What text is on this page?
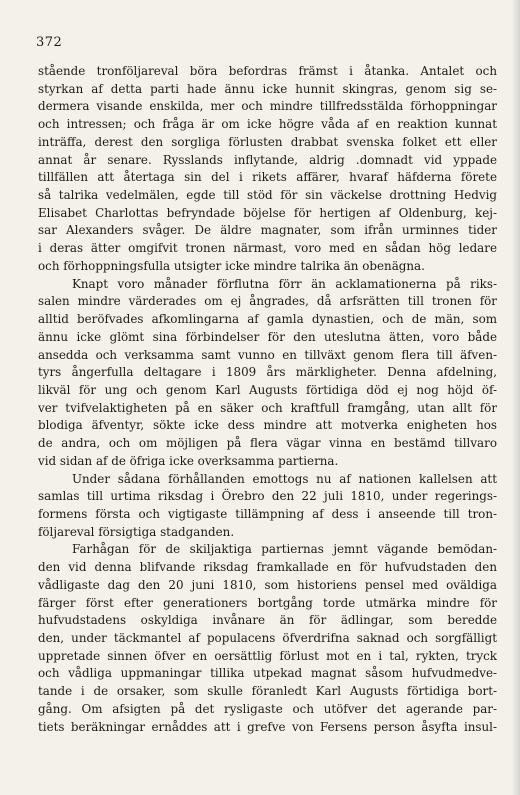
372
stående tronföljareval böra befordras främst i åtanka. Antalet och
styrkan af detta parti hade ännu icke hunnit skingras, genom sig se-
dermera visande enskilda, mer och mindre tillfredsstälda förhoppningar
och intressen; och fråga är om icke högre våda af en reaktion kunnat
inträffa, derest den sorgliga förlusten drabbat svenska folket ett eller
annat år senare. Rysslands inflytande, aldrig .domnadt vid yppade
tillfällen att återtaga sin del i rikets affärer, hvaraf häfderna förete
så talrika vedelmälen, egde till stöd för sin väckelse drottning Hedvig
Elisabet Charlottas befryndade böjelse för hertigen af Oldenburg, kej-
sar Alexanders svåger. De äldre magnater, som ifrån urminnes tider
i deras ätter omgifvit tronen närmast, voro med en sådan hög ledare
och förhoppningsfulla utsigter icke mindre talrika än obenägna.
Knapt voro månader förflutna förr än acklamationerna på riks-
salen mindre värderades om ej ångrades, då arfsrätten till tronen för
alltid beröfvades afkomlingarna af gamla dynastien, och de män, som
ännu icke glömt sina förbindelser för den uteslutna ätten, voro både
ansedda och verksamma samt vunno en tillväxt genom flera till äfven-
tyrs ångerfulla deltagare i 1809 års märkligheter. Denna afdelning,
likväl för ung och genom Karl Augusts förtidiga död ej nog höjd öf-
ver tvifvelaktigheten på en säker och kraftfull framgång, utan allt för
blodiga äfventyr, sökte icke dess mindre att motverka enigheten hos
de andra, och om möjligen på flera vägar vinna en bestämd tillvaro
vid sidan af de öfriga icke overksamma partierna.
Under sådana förhållanden emottogs nu af nationen kallelsen att
samlas till urtima riksdag i Örebro den 22 juli 1810, under regerings-
formens första och vigtigaste tillämpning af dess i anseende till tron-
följareval försigtiga stadganden.
Farhågan för de skiljaktiga partiernas jemnt vägande bemödan-
den vid denna blifvande riksdag framkallade en för hufvudstaden den
vådligaste dag den 20 juni 1810, som historiens pensel med oväldiga
färger först efter generationers bortgång torde utmärka mindre för
hufvudstadens oskyldiga invånare än för ädlingar, som beredde
den, under täckmantel af populacens öfverdrifna saknad och sorgfälligt
uppretade sinnen öfver en oersättlig förlust mot en i tal, rykten, tryck
och vådliga uppmaningar tillika utpekad magnat såsom hufvudmedve-
tande i de orsaker, som skulle föranledt Karl Augusts förtidiga bort-
gång. Om afsigten på det rysligaste och utöfver det agerande par-
tiets beräkningar ernåddes att i grefve von Fersens person åsyfta insul-
